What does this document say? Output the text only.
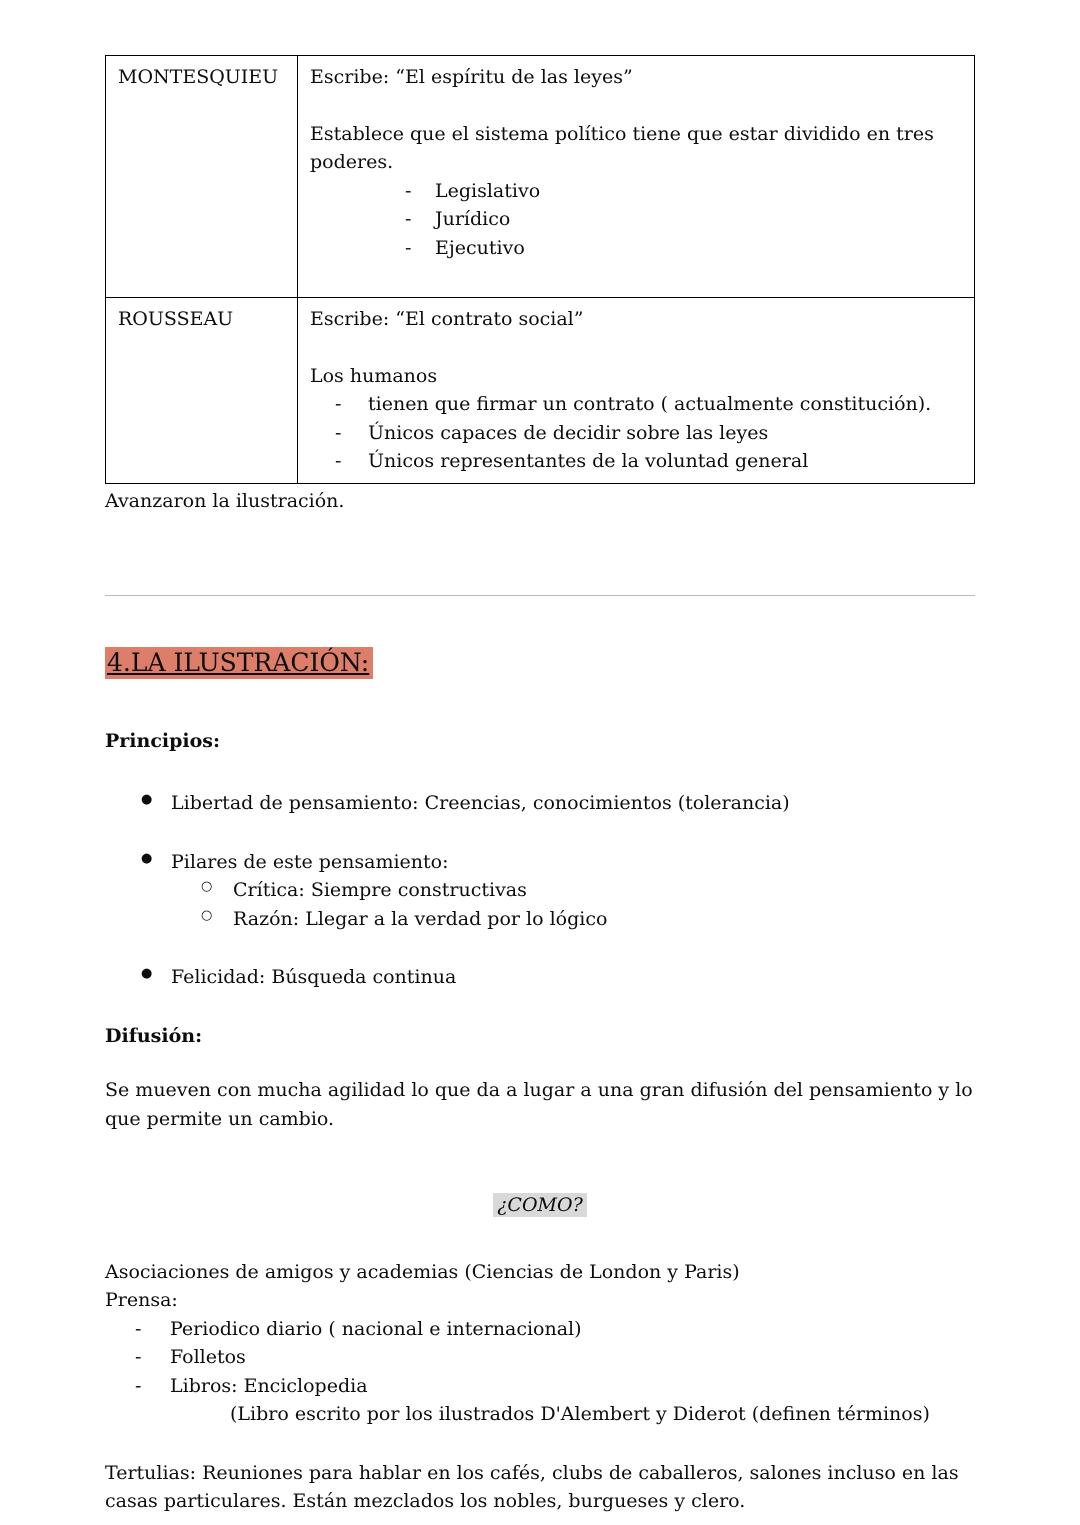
MONTESQUIEU	Escribe: “El espíritu de las leyes”

Establece que el sistema político tiene que estar dividido en tres poderes.

- Legislativo
- Jurídico
- Ejecutivo

ROUSSEAU	Escribe: “El contrato social”

Los humanos

- tienen que firmar un contrato ( actualmente constitución).
- Únicos capaces de decidir sobre las leyes
- Únicos representantes de la voluntad general

Avanzaron la ilustración.

4.LA ILUSTRACIÓN:

Principios:

● Libertad de pensamiento: Creencias, conocimientos (tolerancia)
● Pilares de este pensamiento:
○ Crítica: Siempre constructivas
○ Razón: Llegar a la verdad por lo lógico
● Felicidad: Búsqueda continua

Difusión:

Se mueven con mucha agilidad lo que da a lugar a una gran difusión del pensamiento y lo que permite un cambio.

¿COMO?

Asociaciones de amigos y academias (Ciencias de London y Paris)

Prensa:

- Periodico diario ( nacional e internacional)
- Folletos
- Libros: Enciclopedia
(Libro escrito por los ilustrados D'Alembert y Diderot (definen términos)

Tertulias: Reuniones para hablar en los cafés, clubs de caballeros, salones incluso en las casas particulares. Están mezclados los nobles, burgueses y clero.
